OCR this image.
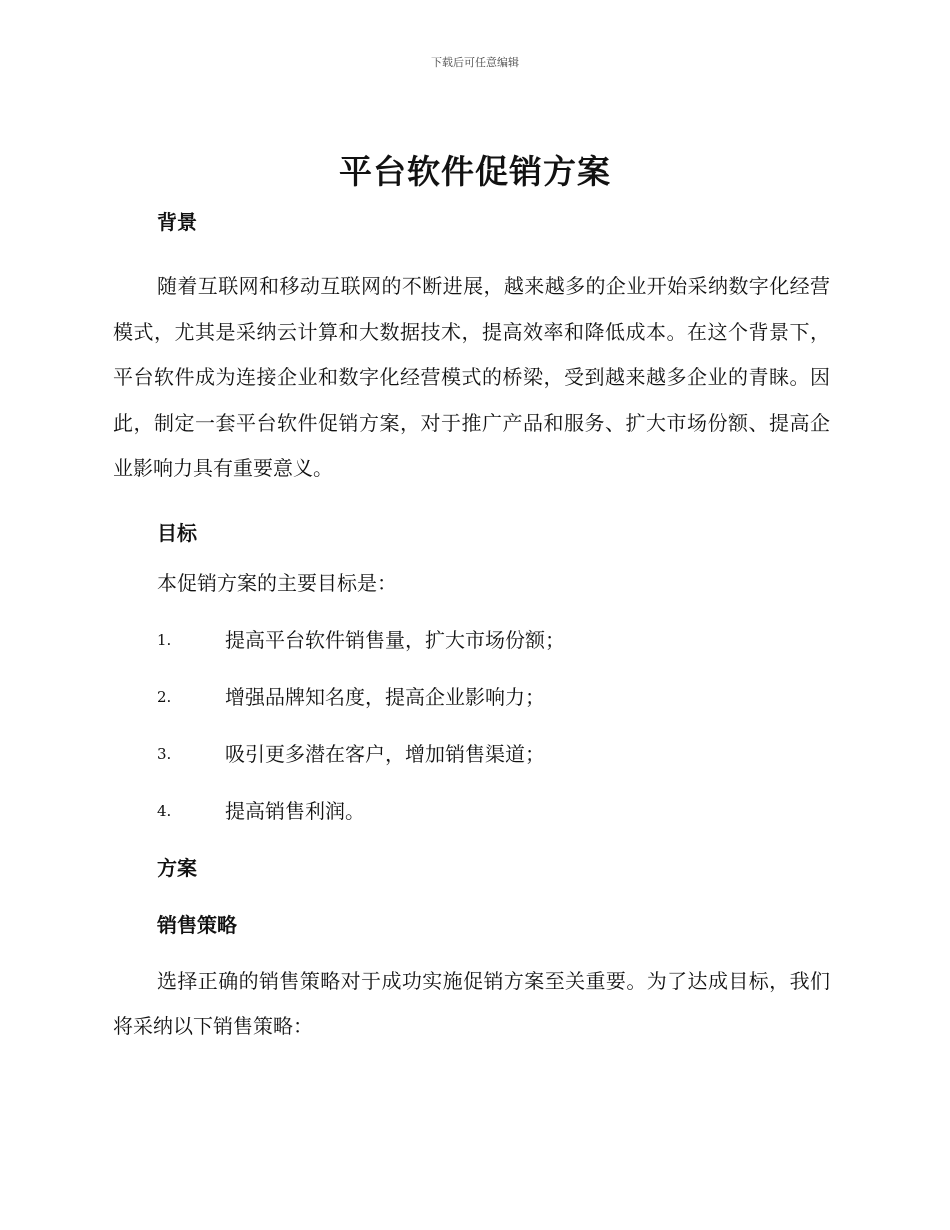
下载后可任意编辑
平台软件促销方案
背景

随着互联网和移动互联网的不断进展，越来越多的企业开始采纳数字化经营模式，尤其是采纳云计算和大数据技术，提高效率和降低成本。在这个背景下，平台软件成为连接企业和数字化经营模式的桥梁，受到越来越多企业的青睐。因此，制定一套平台软件促销方案，对于推广产品和服务、扩大市场份额、提高企业影响力具有重要意义。

目标

本促销方案的主要目标是：

1.	提高平台软件销售量，扩大市场份额；
2.	增强品牌知名度，提高企业影响力；
3.	吸引更多潜在客户，增加销售渠道；
4.	提高销售利润。
方案
销售策略

选择正确的销售策略对于成功实施促销方案至关重要。为了达成目标，我们将采纳以下销售策略：
